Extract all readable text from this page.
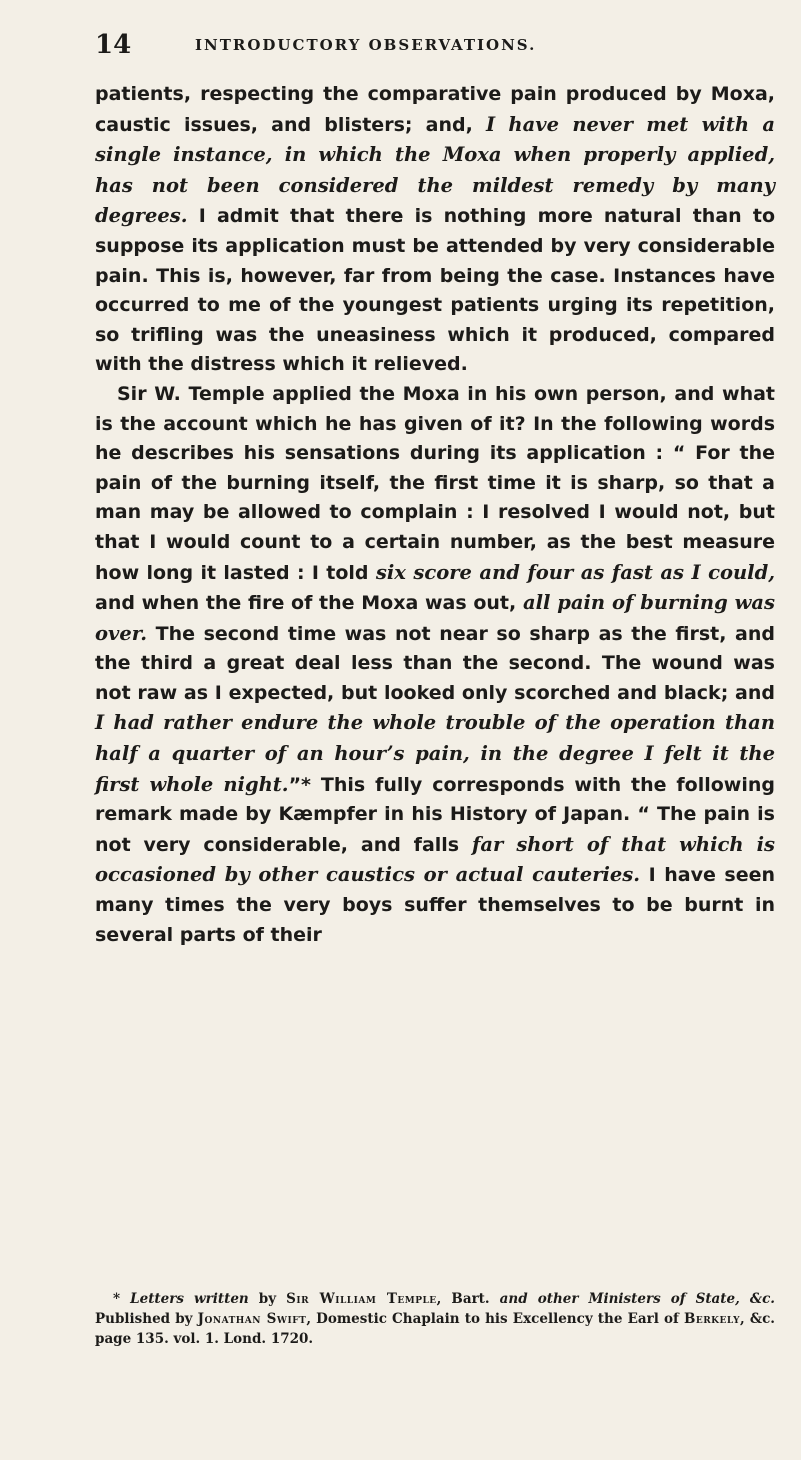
14	INTRODUCTORY OBSERVATIONS.

patients, respecting the comparative pain produced by Moxa, caustic issues, and blisters; and, I have never met with a single instance, in which the Moxa when properly applied, has not been considered the mildest remedy by many degrees. I admit that there is nothing more natural than to suppose its application must be attended by very considerable pain. This is, however, far from being the case. Instances have occurred to me of the youngest patients urging its repetition, so trifling was the uneasiness which it produced, compared with the distress which it relieved.

Sir W. Temple applied the Moxa in his own person, and what is the account which he has given of it? In the following words he describes his sensations during its application : “ For the pain of the burning itself, the first time it is sharp, so that a man may be allowed to complain : I resolved I would not, but that I would count to a certain number, as the best measure how long it lasted : I told six score and four as fast as I could, and when the fire of the Moxa was out, all pain of burning was over. The second time was not near so sharp as the first, and the third a great deal less than the second. The wound was not raw as I expected, but looked only scorched and black; and I had rather endure the whole trouble of the operation than half a quarter of an hour’s pain, in the degree I felt it the first whole night.”* This fully corresponds with the following remark made by Kæmpfer in his History of Japan. “ The pain is not very considerable, and falls far short of that which is occasioned by other caustics or actual cauteries. I have seen many times the very boys suffer themselves to be burnt in several parts of their

* Letters written by Sir William Temple, Bart. and other Ministers of State, &c. Published by Jonathan Swift, Domestic Chaplain to his Excellency the Earl of Berkely, &c. page 135. vol. 1. Lond. 1720.
